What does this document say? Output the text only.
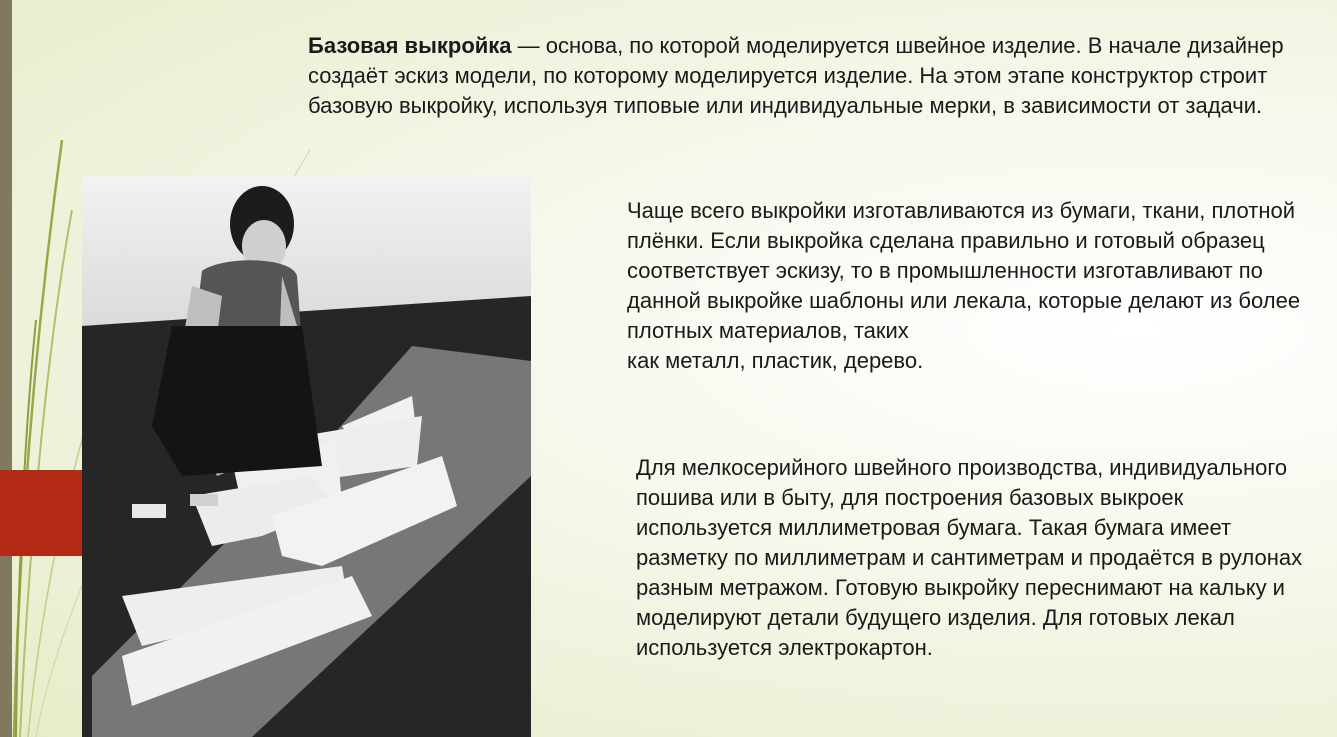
Базовая выкройка — основа, по которой моделируется швейное изделие. В начале дизайнер создаёт эскиз модели, по которому моделируется изделие. На этом этапе конструктор строит базовую выкройку, используя типовые или индивидуальные мерки, в зависимости от задачи.

Чаще всего выкройки изготавливаются из бумаги, ткани, плотной плёнки. Если выкройка сделана правильно и готовый образец соответствует эскизу, то в промышленности изготавливают по данной выкройке шаблоны или лекала, которые делают из более плотных материалов, таких
как металл, пластик, дерево.

Для мелкосерийного швейного производства, индивидуального пошива или в быту, для построения базовых выкроек используется миллиметровая бумага. Такая бумага имеет разметку по миллиметрам и сантиметрам и продаётся в рулонах разным метражом. Готовую выкройку переснимают на кальку и моделируют детали будущего изделия. Для готовых лекал используется электрокартон.
